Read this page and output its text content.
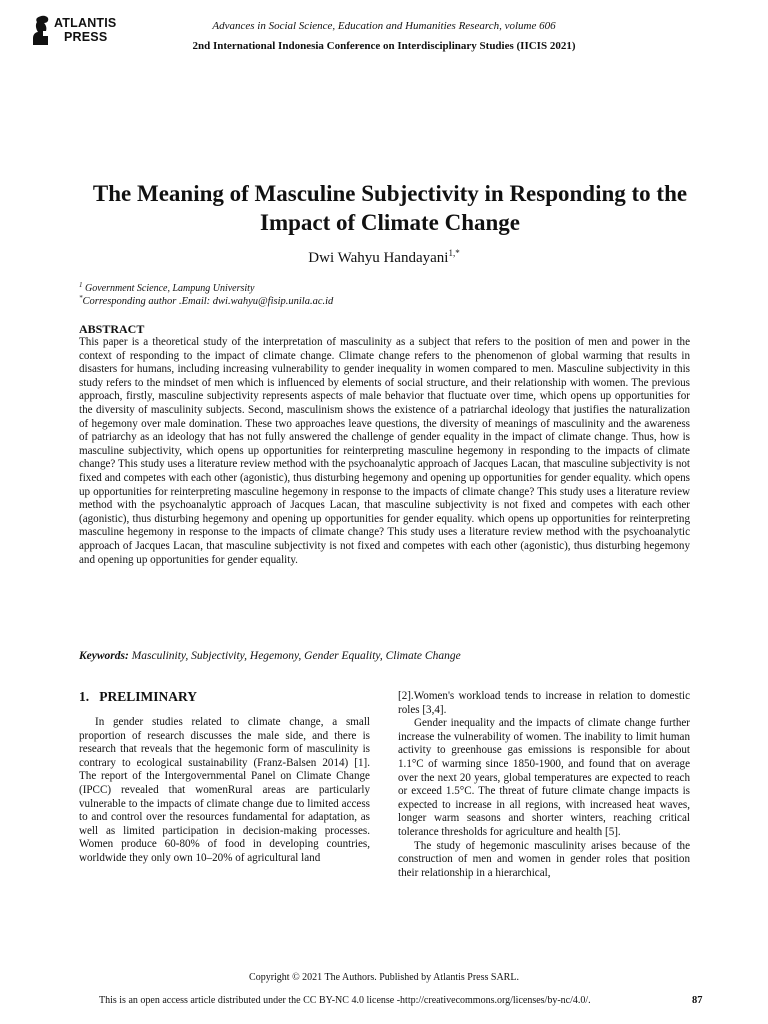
ATLANTIS
PRESS
Advances in Social Science, Education and Humanities Research, volume 606
2nd International Indonesia Conference on Interdisciplinary Studies (IICIS 2021)
The Meaning of Masculine Subjectivity in Responding to the Impact of Climate Change
Dwi Wahyu Handayani$^{1,*}$
$^1$ Government Science, Lampung University
*Corresponding author .Email: dwi.wahyu@fisip.unila.ac.id
ABSTRACT
This paper is a theoretical study of the interpretation of masculinity as a subject that refers to the position of men and power in the context of responding to the impact of climate change. Climate change refers to the phenomenon of global warming that results in disasters for humans, including increasing vulnerability to gender inequality in women compared to men. Masculine subjectivity in this study refers to the mindset of men which is influenced by elements of social structure, and their relationship with women. The previous approach, firstly, masculine subjectivity represents aspects of male behavior that fluctuate over time, which opens up opportunities for the diversity of masculinity subjects. Second, masculinism shows the existence of a patriarchal ideology that justifies the naturalization of hegemony over male domination. These two approaches leave questions, the diversity of meanings of masculinity and the awareness of patriarchy as an ideology that has not fully answered the challenge of gender equality in the impact of climate change. Thus, how is masculine subjectivity, which opens up opportunities for reinterpreting masculine hegemony in responding to the impacts of climate change? This study uses a literature review method with the psychoanalytic approach of Jacques Lacan, that masculine subjectivity is not fixed and competes with each other (agonistic), thus disturbing hegemony and opening up opportunities for gender equality. which opens up opportunities for reinterpreting masculine hegemony in response to the impacts of climate change? This study uses a literature review method with the psychoanalytic approach of Jacques Lacan, that masculine subjectivity is not fixed and competes with each other (agonistic), thus disturbing hegemony and opening up opportunities for gender equality. which opens up opportunities for reinterpreting masculine hegemony in response to the impacts of climate change? This study uses a literature review method with the psychoanalytic approach of Jacques Lacan, that masculine subjectivity is not fixed and competes with each other (agonistic), thus disturbing hegemony and opening up opportunities for gender equality.
Keywords: Masculinity, Subjectivity, Hegemony, Gender Equality, Climate Change
1.   PRELIMINARY

In gender studies related to climate change, a small proportion of research discusses the male side, and there is research that reveals that the hegemonic form of masculinity is contrary to ecological sustainability (Franz-Balsen 2014) [1]. The report of the Intergovernmental Panel on Climate Change (IPCC) revealed that womenRural areas are particularly vulnerable to the impacts of climate change due to limited access to and control over the resources fundamental for adaptation, as well as limited participation in decision-making processes. Women produce 60-80% of food in developing countries, worldwide they only own 10–20% of agricultural land

[2].Women's workload tends to increase in relation to domestic roles [3,4].

Gender inequality and the impacts of climate change further increase the vulnerability of women. The inability to limit human activity to greenhouse gas emissions is responsible for about 1.1°C of warming since 1850-1900, and found that on average over the next 20 years, global temperatures are expected to reach or exceed 1.5°C. The threat of future climate change impacts is expected to increase in all regions, with increased heat waves, longer warm seasons and shorter winters, reaching critical tolerance thresholds for agriculture and health [5].

The study of hegemonic masculinity arises because of the construction of men and women in gender roles that position their relationship in a hierarchical,

Copyright © 2021 The Authors. Published by Atlantis Press SARL.
This is an open access article distributed under the CC BY-NC 4.0 license -http://creativecommons.org/licenses/by-nc/4.0/.	87
